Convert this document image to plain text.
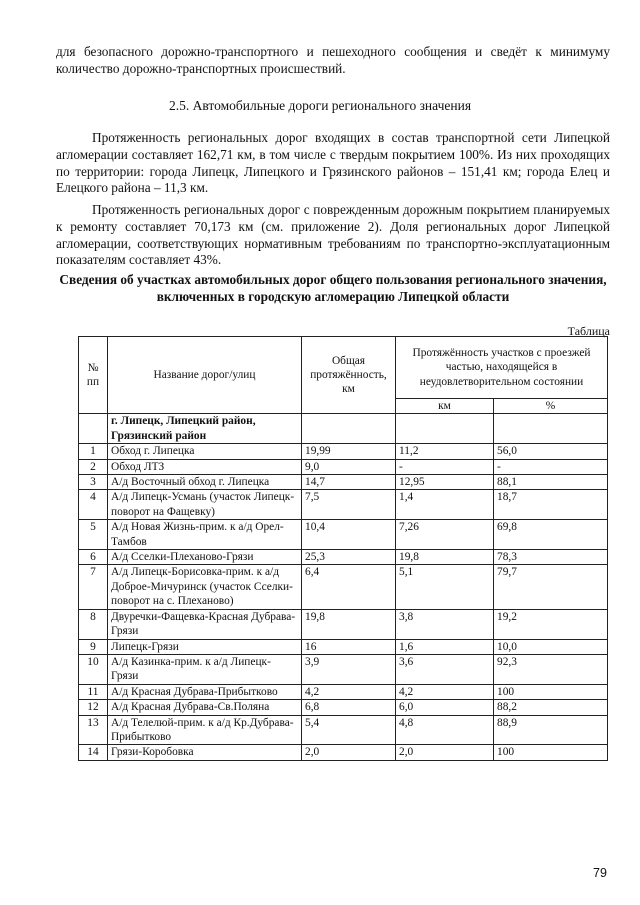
для безопасного дорожно-транспортного и пешеходного сообщения и сведёт к минимуму количество дорожно-транспортных происшествий.

2.5. Автомобильные дороги регионального значения

Протяженность региональных дорог входящих в состав транспортной сети Липецкой агломерации составляет 162,71 км, в том числе с твердым покрытием 100%. Из них проходящих по территории: города Липецк, Липецкого и Грязинского районов – 151,41 км; города Елец и Елецкого района – 11,3 км.

Протяженность региональных дорог с поврежденным дорожным покрытием планируемых к ремонту составляет 70,173 км (см. приложение 2). Доля региональных дорог Липецкой агломерации, соответствующих нормативным требованиям по транспортно-эксплуатационным показателям составляет 43%.

Сведения об участках автомобильных дорог общего пользования регионального значения, включенных в городскую агломерацию Липецкой области
Таблица
№ пп	Название дорог/улиц	Общая протяжённость, км	Протяжённость участков с проезжей частью, находящейся в неудовлетворительном состоянии	
			км	%
	г. Липецк, Липецкий район, Грязинский район			
1	Обход г. Липецка	19,99	11,2	56,0
2	Обход ЛТЗ	9,0	-	-
3	А/д Восточный обход г. Липецка	14,7	12,95	88,1
4	А/д Липецк-Усмань (участок Липецк-поворот на Фащевку)	7,5	1,4	18,7
5	А/д Новая Жизнь-прим. к а/д Орел-Тамбов	10,4	7,26	69,8
6	А/д Сселки-Плеханово-Грязи	25,3	19,8	78,3
7	А/д Липецк-Борисовка-прим. к а/д Доброе-Мичуринск (участок Сселки- поворот на с. Плеханово)	6,4	5,1	79,7
8	Двуречки-Фащевка-Красная Дубрава-Грязи	19,8	3,8	19,2
9	Липецк-Грязи	16	1,6	10,0
10	А/д Казинка-прим. к а/д Липецк-Грязи	3,9	3,6	92,3
11	А/д Красная Дубрава-Прибытково	4,2	4,2	100
12	А/д Красная Дубрава-Св.Поляна	6,8	6,0	88,2
13	А/д Телелюй-прим. к а/д Кр.Дубрава-Прибытково	5,4	4,8	88,9
14	Грязи-Коробовка	2,0	2,0	100
79
